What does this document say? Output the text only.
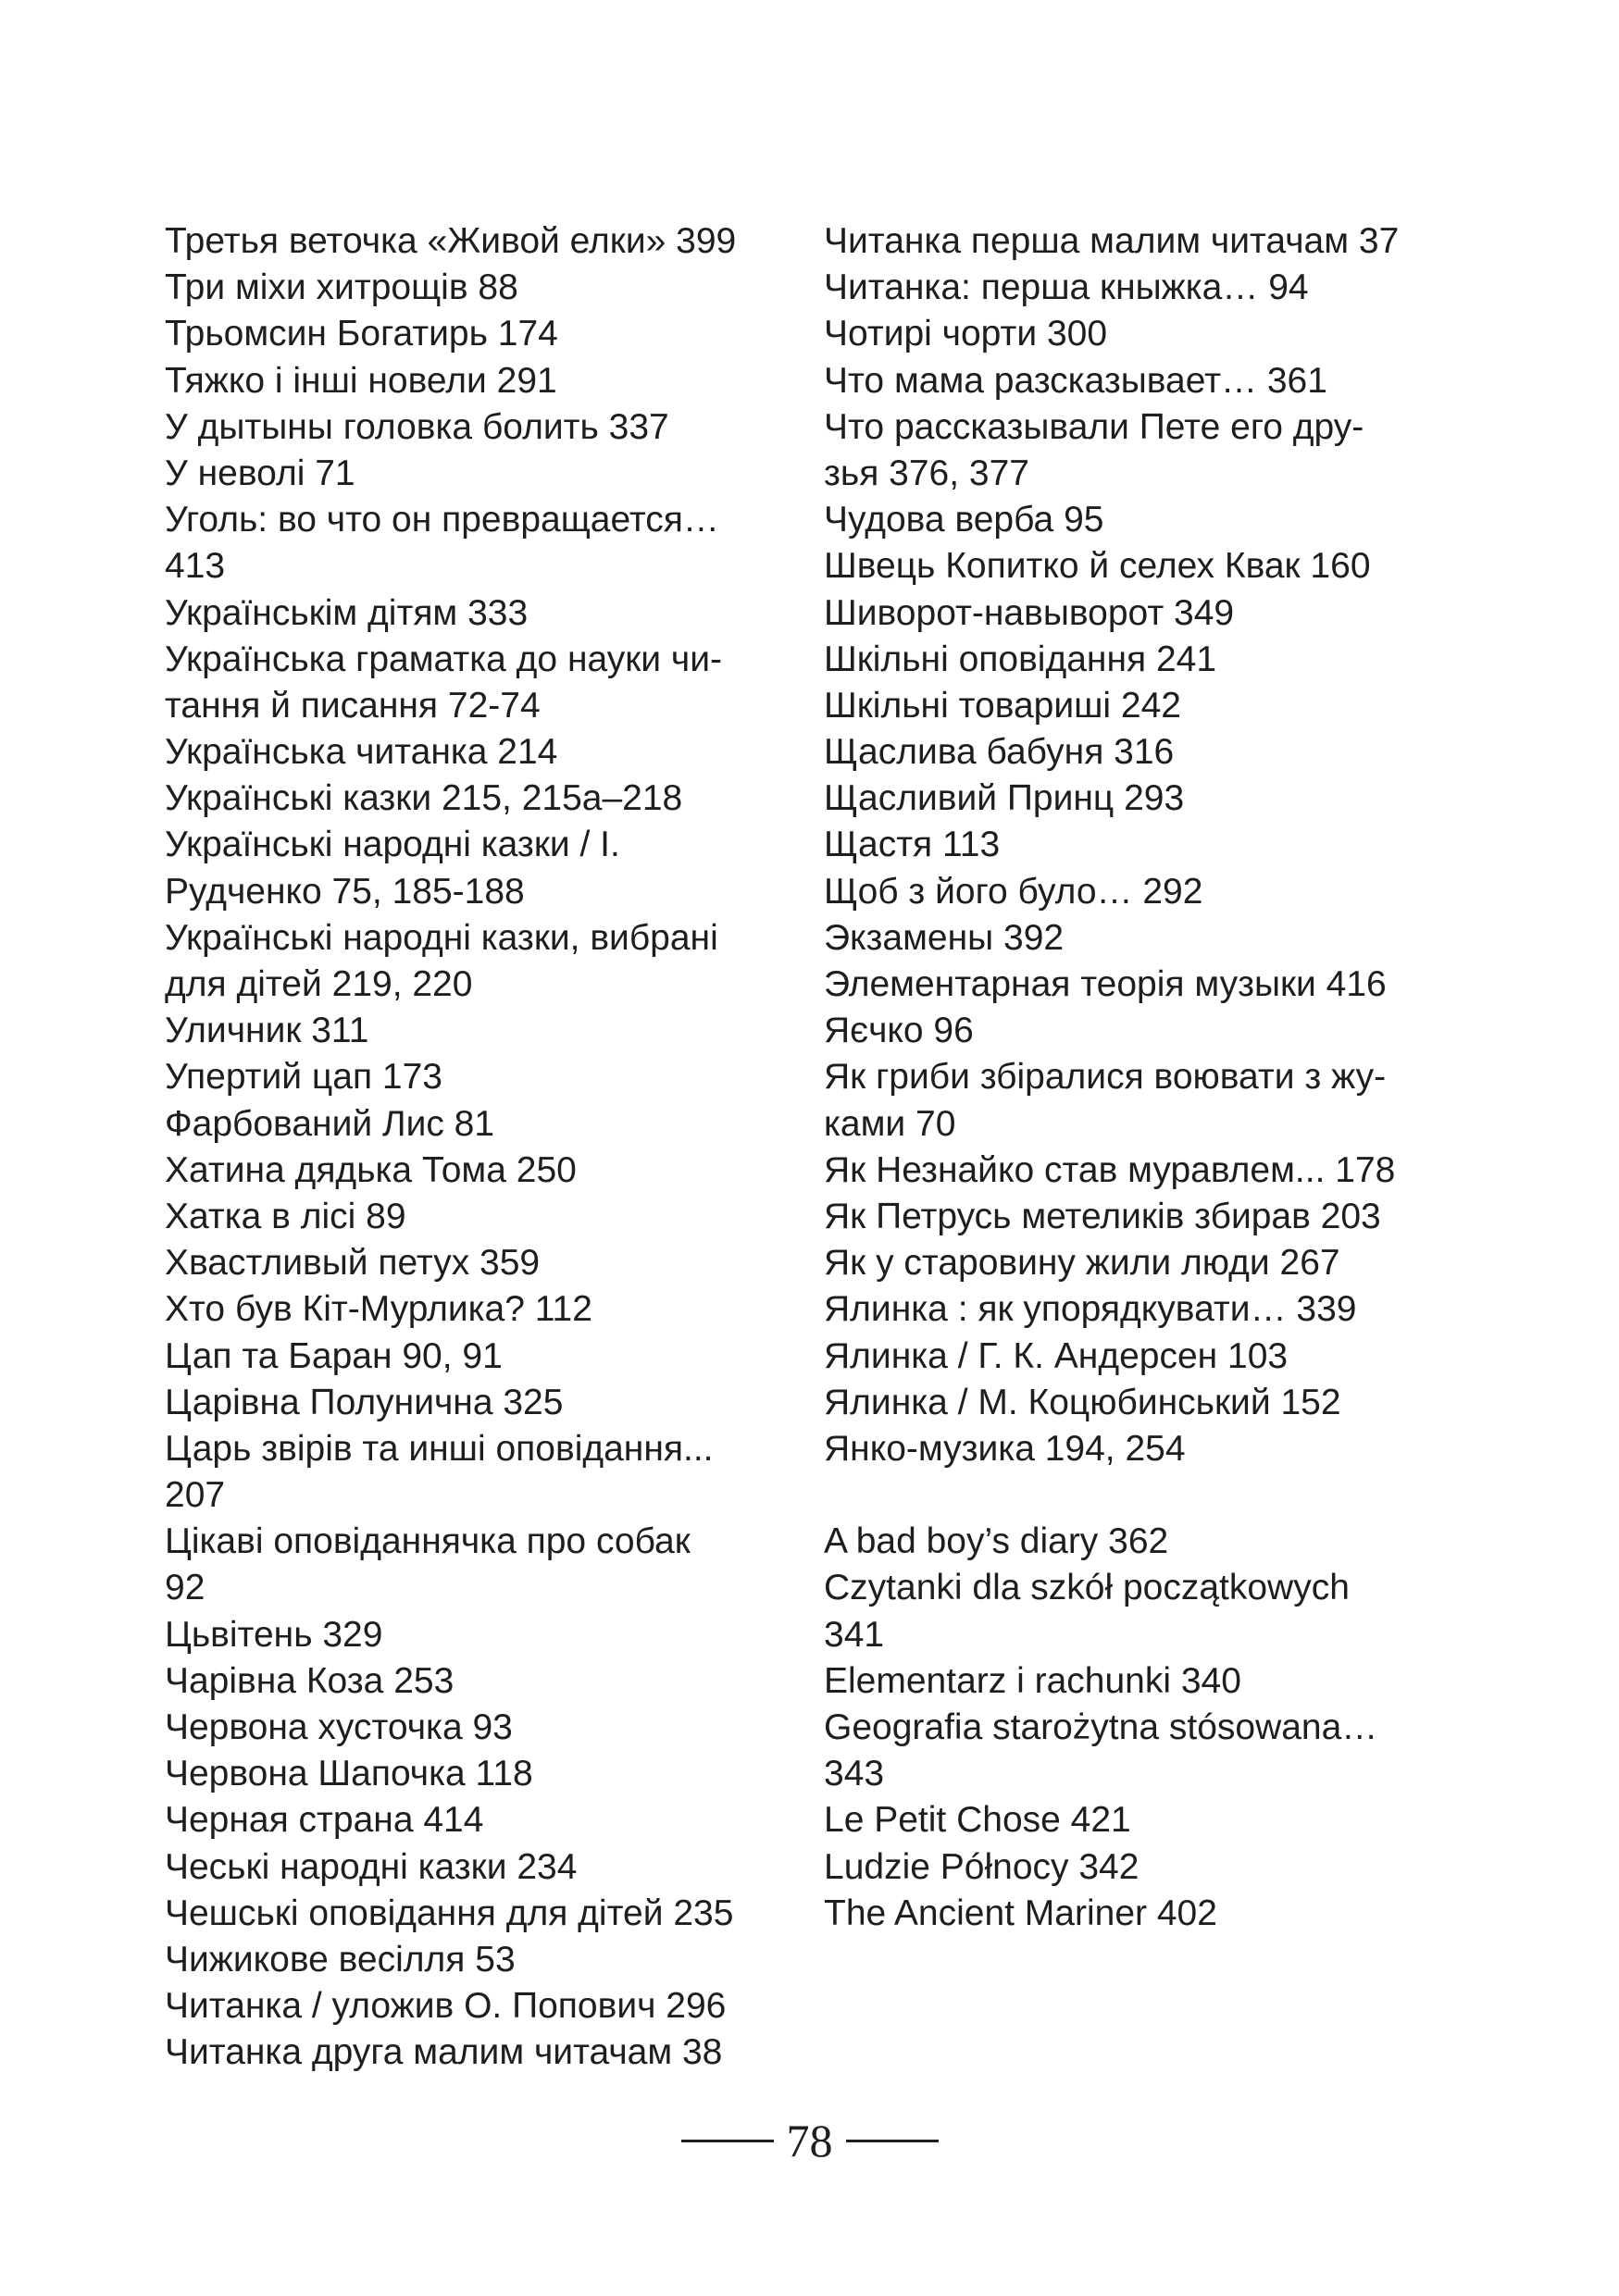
Третья веточка «Живой елки» 399
Три міхи хитрощів 88
Трьомсин Богатирь 174
Тяжко і інші новели 291
У дытыны головка болить 337
У неволі 71
Уголь: во что он превращается…
413
Українськім дітям 333
Українська граматка до науки чи-
тання й писання 72-74
Українська читанка 214
Українські казки 215, 215а–218
Українські народні казки / І.
Рудченко 75, 185-188
Українські народні казки, вибрані
для дітей 219, 220
Уличник 311
Упертий цап 173
Фарбований Лис 81
Хатина дядька Тома 250
Хатка в лісі 89
Хвастливый петух 359
Хто був Кіт-Мурлика? 112
Цап та Баран 90, 91
Царівна Полунична 325
Царь звірів та инші оповідання...
207
Цікаві оповіданнячка про собак
92
Цьвітень 329
Чарівна Коза 253
Червона хусточка 93
Червона Шапочка 118
Черная страна 414
Чеські народні казки 234
Чешські оповідання для дітей 235
Чижикове весілля 53
Читанка / уложив О. Попович 296
Читанка друга малим читачам 38
Читанка перша малим читачам 37
Читанка: перша кныжка… 94
Чотирі чорти 300
Что мама разсказывает… 361
Что рассказывали Пете его дру-
зья 376, 377
Чудова верба 95
Швець Копитко й селех Квак 160
Шиворот-навыворот 349
Шкільні оповідання 241
Шкільні товариші 242
Щаслива бабуня 316
Щасливий Принц 293
Щастя 113
Щоб з його було… 292
Экзамены 392
Элементарная теорія музыки 416
Яєчко 96
Як гриби збіралися воювати з жу-
ками 70
Як Незнайко став муравлем... 178
Як Петрусь метеликів збирав 203
Як у старовину жили люди 267
Ялинка : як упорядкувати… 339
Ялинка / Г. К. Андерсен 103
Ялинка / М. Коцюбинський 152
Янко-музика 194, 254
A bad boy’s diary 362
Czytanki dla szkół początkowych
341
Elementarz i rachunki 340
Geografia starożytna stósowana…
343
Le Petit Chose 421
Ludzie Północy 342
The Ancient Mariner 402
78
